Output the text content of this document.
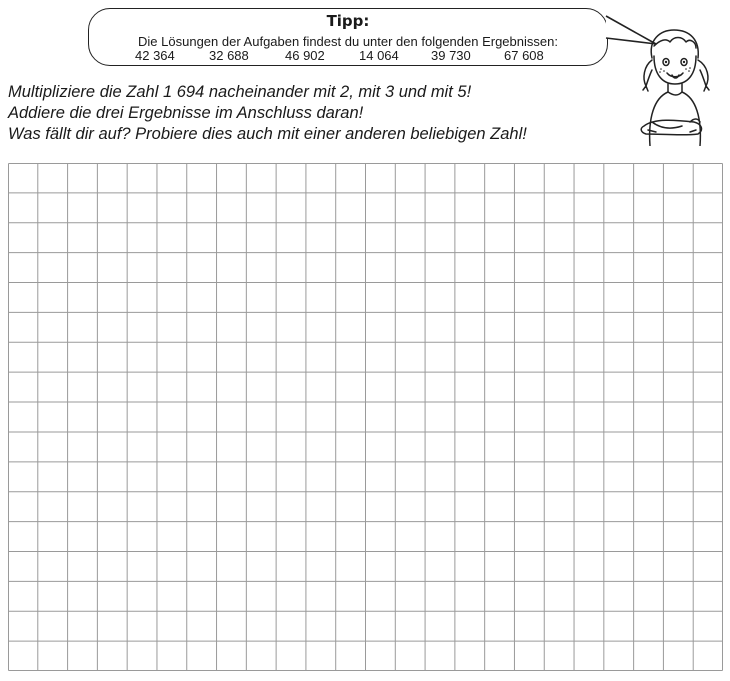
Tipp:
Die Lösungen der Aufgaben findest du unter den folgenden Ergebnissen:
42 364	32 688	46 902	14 064 39 730	67 608
Multipliziere die Zahl 1 694 nacheinander mit 2, mit 3 und mit 5!
Addiere die drei Ergebnisse im Anschluss daran!
Was fällt dir auf? Probiere dies auch mit einer anderen beliebigen Zahl!
